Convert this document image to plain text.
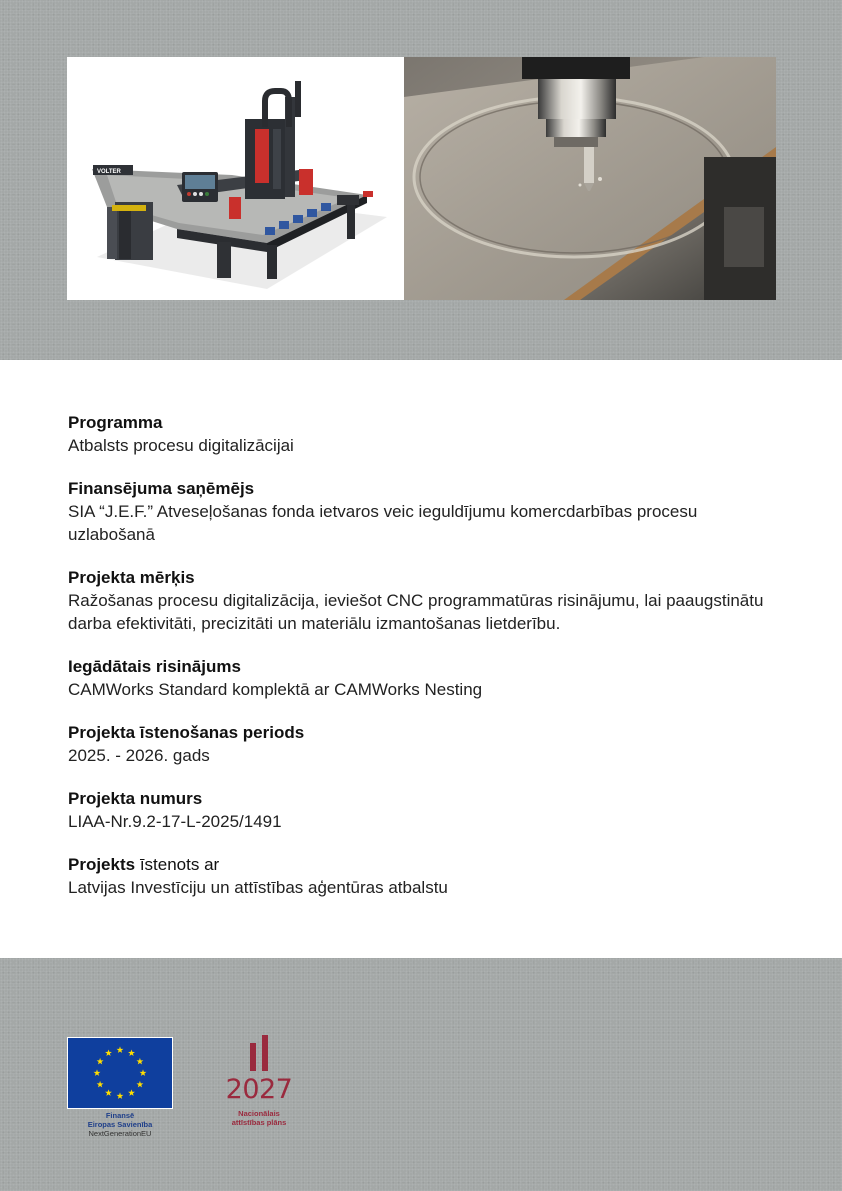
VOLTER
Programma
Atbalsts procesu digitalizācijai
Finansējuma saņēmējs
SIA “J.E.F.” Atveseļošanas fonda ietvaros veic ieguldījumu komercdarbības procesu uzlabošanā
Projekta mērķis
Ražošanas procesu digitalizācija, ieviešot CNC programmatūras risinājumu, lai paaugstinātu darba efektivitāti, precizitāti un materiālu izmantošanas lietderību.
Iegādātais risinājums
CAMWorks Standard komplektā ar CAMWorks Nesting
Projekta īstenošanas periods
2025. - 2026. gads
Projekta numurs
LIAA-Nr.9.2-17-L-2025/1491
Projekts īstenots ar
Latvijas Investīciju un attīstības aģentūras atbalstu
Finansē
Eiropas Savienība
NextGenerationEU
2027
Nacionālais
attīstības plāns
